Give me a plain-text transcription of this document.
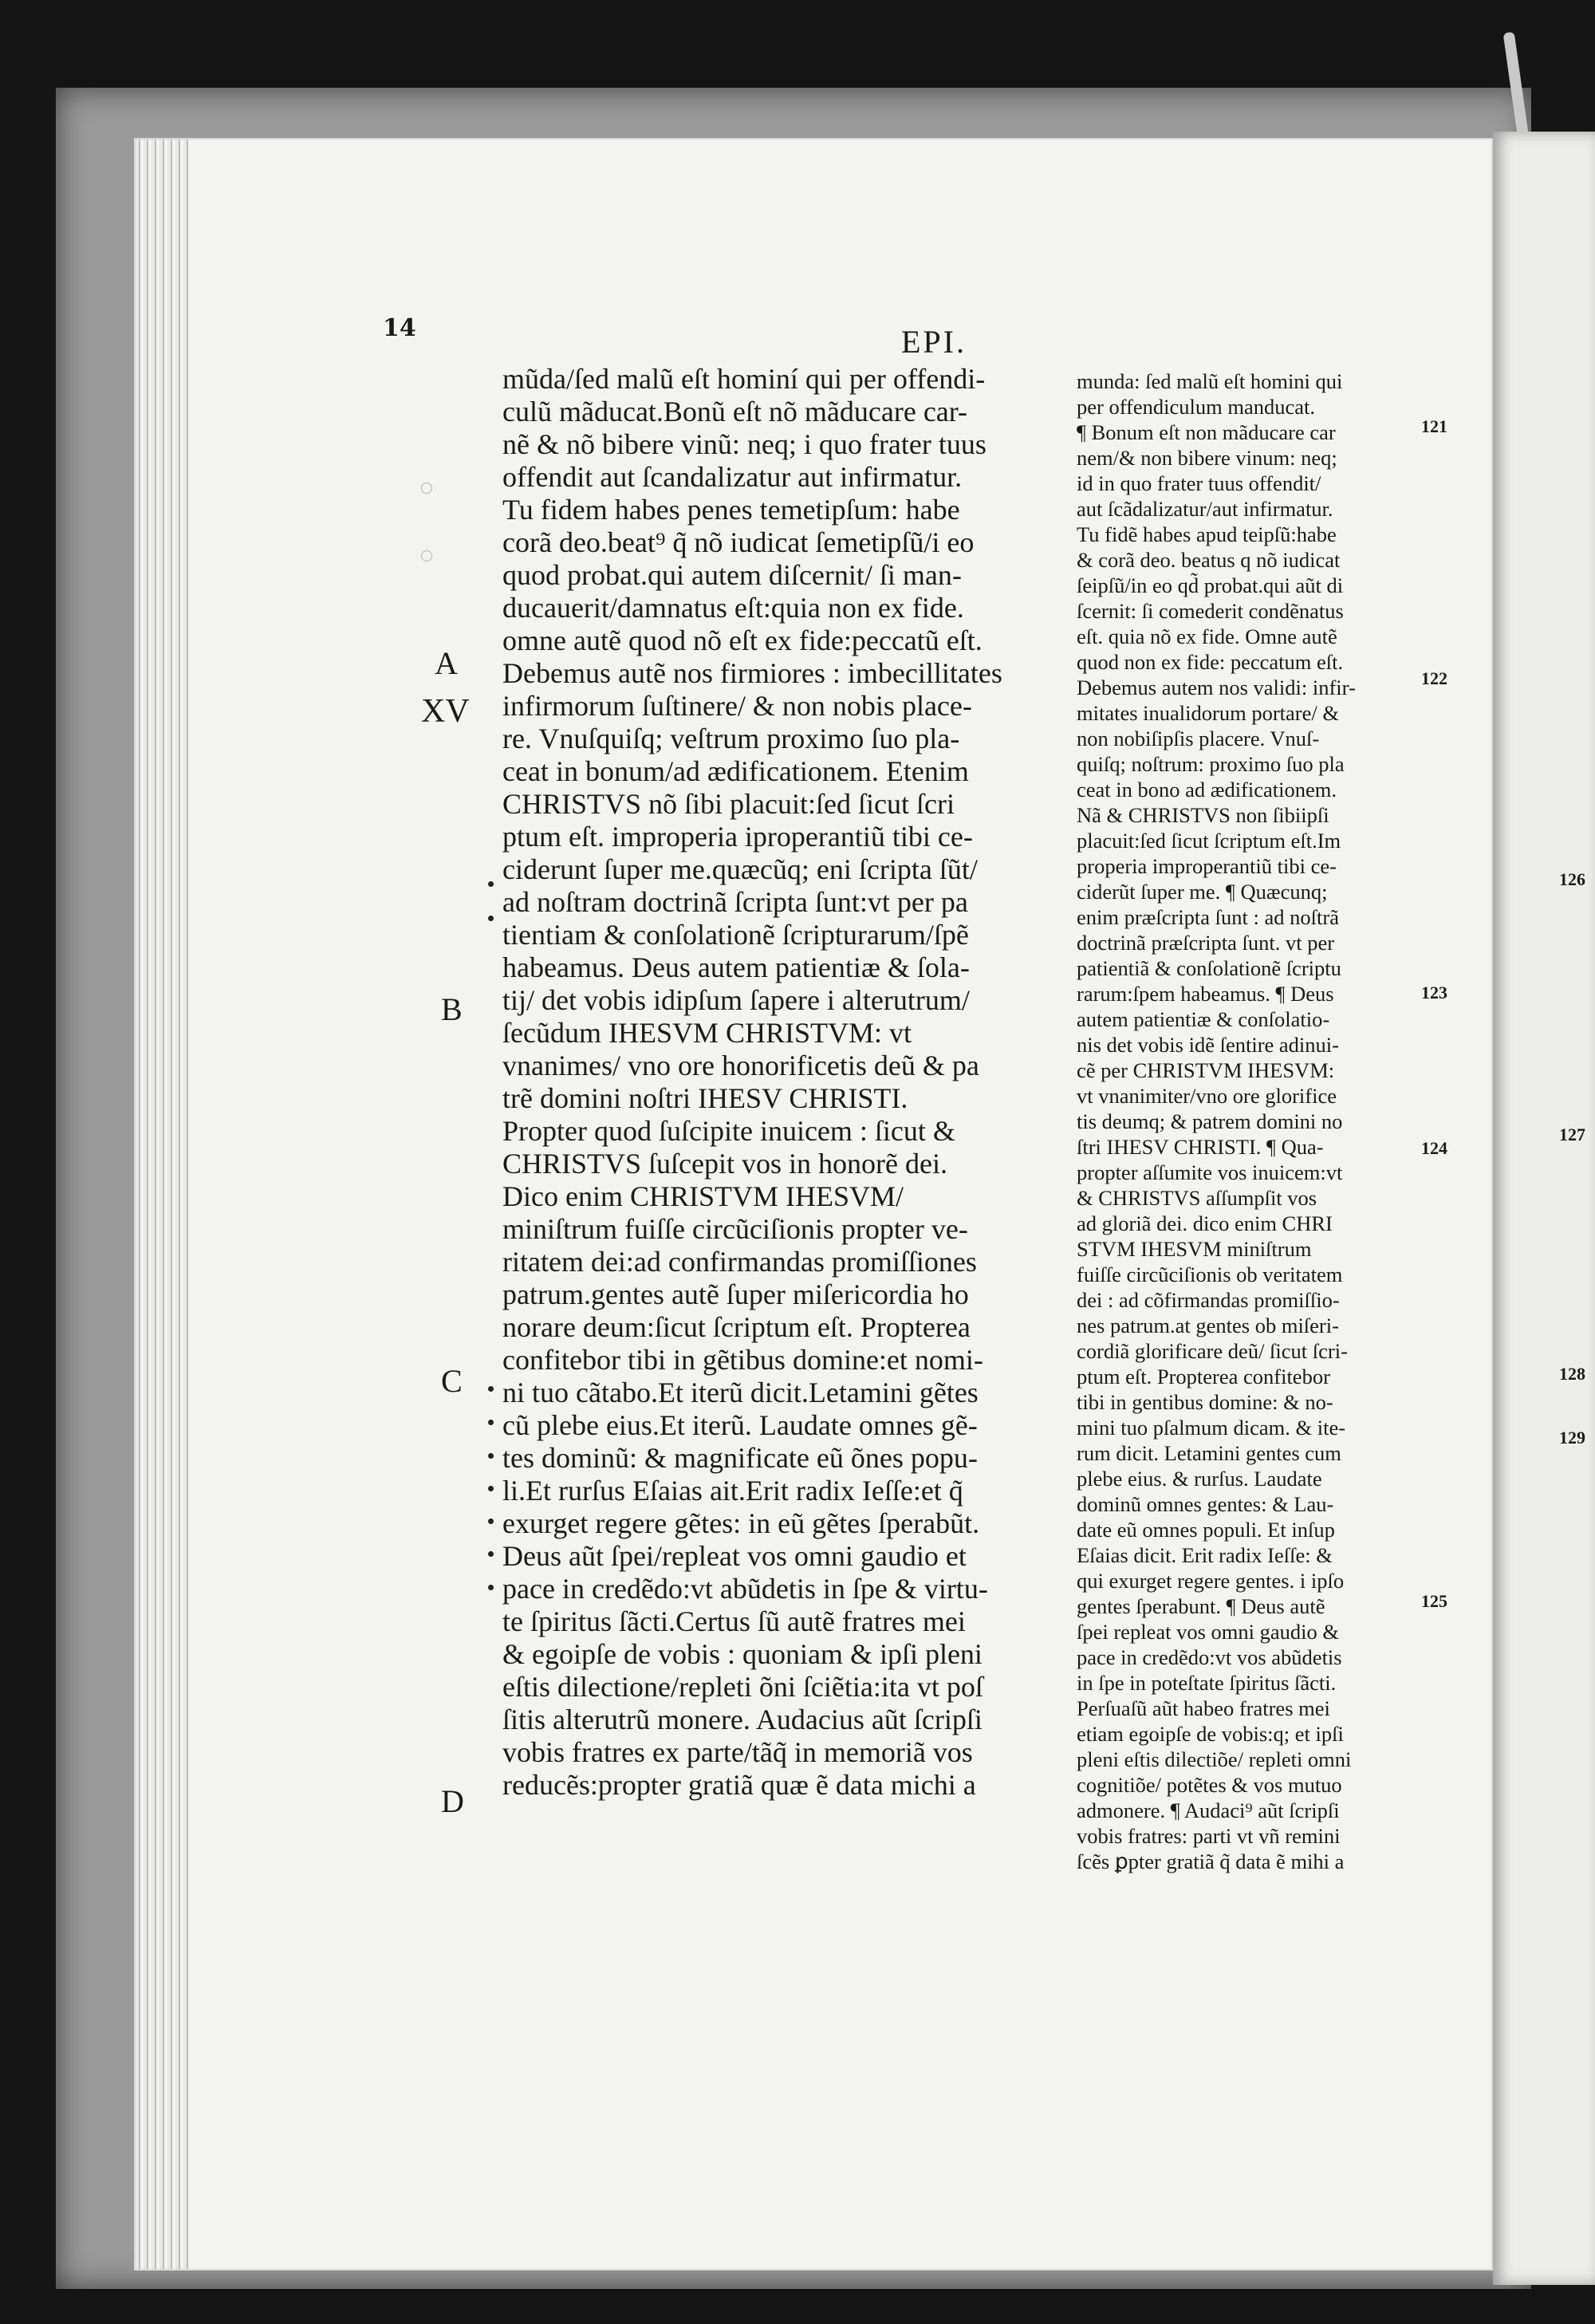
14	EPI.
A
XV
B
C
D
mũda/ſed malũ eſt hominí qui per offendi-
culũ mãducat.Bonũ eſt nõ mãducare car-
nẽ & nõ bibere vinũ: neq; i quo frater tuus
offendit aut ſcandalizatur aut infirmatur.
Tu fidem habes penes temetipſum: habe
corã deo.beat⁹ q̃ nõ iudicat ſemetipſũ/i eo
quod probat.qui autem diſcernit/ ſi man-
ducauerit/damnatus eſt:quia non ex fide.
omne autẽ quod nõ eſt ex fide:peccatũ eſt.
Debemus autẽ nos firmiores : imbecillitates
infirmorum ſuſtinere/ & non nobis place-
re. Vnuſquiſq; veſtrum proximo ſuo pla-
ceat in bonum/ad ædificationem. Etenim
CHRISTVS nõ ſibi placuit:ſed ſicut ſcri
ptum eſt. improperia iproperantiũ tibi ce-
ciderunt ſuper me.quæcũq; eni ſcripta ſũt/
ad noſtram doctrinã ſcripta ſunt:vt per pa
tientiam & conſolationẽ ſcripturarum/ſpẽ
habeamus. Deus autem patientiæ & ſola-
tij/ det vobis idipſum ſapere i alterutrum/
ſecũdum IHESVM CHRISTVM: vt
vnanimes/ vno ore honorificetis deũ & pa
trẽ domini noſtri IHESV CHRISTI.
Propter quod ſuſcipite inuicem : ſicut &
CHRISTVS ſuſcepit vos in honorẽ dei.
Dico enim CHRISTVM IHESVM/
miniſtrum fuiſſe circũciſionis propter ve-
ritatem dei:ad confirmandas promiſſiones
patrum.gentes autẽ ſuper miſericordia ho
norare deum:ſicut ſcriptum eſt. Propterea
confitebor tibi in gẽtibus domine:et nomi-
ni tuo cãtabo.Et iterũ dicit.Letamini gẽtes
cũ plebe eius.Et iterũ. Laudate omnes gẽ-
tes dominũ: & magnificate eũ õnes popu-
li.Et rurſus Eſaias ait.Erit radix Ieſſe:et q̃
exurget regere gẽtes: in eũ gẽtes ſperabũt.
Deus aũt ſpei/repleat vos omni gaudio et
pace in credẽdo:vt abũdetis in ſpe & virtu-
te ſpiritus ſãcti.Certus ſũ autẽ fratres mei
& egoipſe de vobis : quoniam & ipſi pleni
eſtis dilectione/repleti õni ſciẽtia:ita vt poſ
ſitis alterutrũ monere. Audacius aũt ſcripſi
vobis fratres ex parte/tãq̃ in memoriã vos
reducẽs:propter gratiã quæ ẽ data michi a
munda: ſed malũ eſt homini qui
per offendiculum manducat.
¶ Bonum eſt non mãducare car
nem/& non bibere vinum: neq;
id in quo frater tuus offendit/
aut ſcãdalizatur/aut infirmatur.
Tu fidẽ habes apud teipſũ:habe
& corã deo. beatus q nõ iudicat
ſeipſũ/in eo qd̃ probat.qui aũt di
ſcernit: ſi comederit condẽnatus
eſt. quia nõ ex fide. Omne autẽ
quod non ex fide: peccatum eſt.
Debemus autem nos validi: infir-
mitates inualidorum portare/ &
non nobiſipſis placere. Vnuſ-
quiſq; noſtrum: proximo ſuo pla
ceat in bono ad ædificationem.
Nã & CHRISTVS non ſibiipſi
placuit:ſed ſicut ſcriptum eſt.Im
properia improperantiũ tibi ce-
ciderũt ſuper me. ¶ Quæcunq;
enim præſcripta ſunt : ad noſtrã
doctrinã præſcripta ſunt. vt per
patientiã & conſolationẽ ſcriptu
rarum:ſpem habeamus. ¶ Deus
autem patientiæ & conſolatio-
nis det vobis idẽ ſentire adinui-
cẽ per CHRISTVM IHESVM:
vt vnanimiter/vno ore glorifice
tis deumq; & patrem domini no
ſtri IHESV CHRISTI. ¶ Qua-
propter aſſumite vos inuicem:vt
& CHRISTVS aſſumpſit vos
ad gloriã dei. dico enim CHRI
STVM IHESVM miniſtrum
fuiſſe circũciſionis ob veritatem
dei : ad cõfirmandas promiſſio-
nes patrum.at gentes ob miſeri-
cordiã glorificare deũ/ ſicut ſcri-
ptum eſt. Propterea confitebor
tibi in gentibus domine: & no-
mini tuo pſalmum dicam. & ite-
rum dicit. Letamini gentes cum
plebe eius. & rurſus. Laudate
dominũ omnes gentes: & Lau-
date eũ omnes populi. Et inſup
Eſaias dicit. Erit radix Ieſſe: &
qui exurget regere gentes. i ipſo
gentes ſperabunt. ¶ Deus autẽ
ſpei repleat vos omni gaudio &
pace in credẽdo:vt vos abũdetis
in ſpe in poteſtate ſpiritus ſãcti.
Perſuaſũ aũt habeo fratres mei
etiam egoipſe de vobis:q; et ipſi
pleni eſtis dilectiõe/ repleti omni
cognitiõe/ potẽtes & vos mutuo
admonere. ¶ Audaci⁹ aũt ſcripſi
vobis fratres: parti vt vñ remini
ſcẽs ꝑpter gratiã q̃ data ẽ mihi a
121
122
123
124
125
126
127
128
129
